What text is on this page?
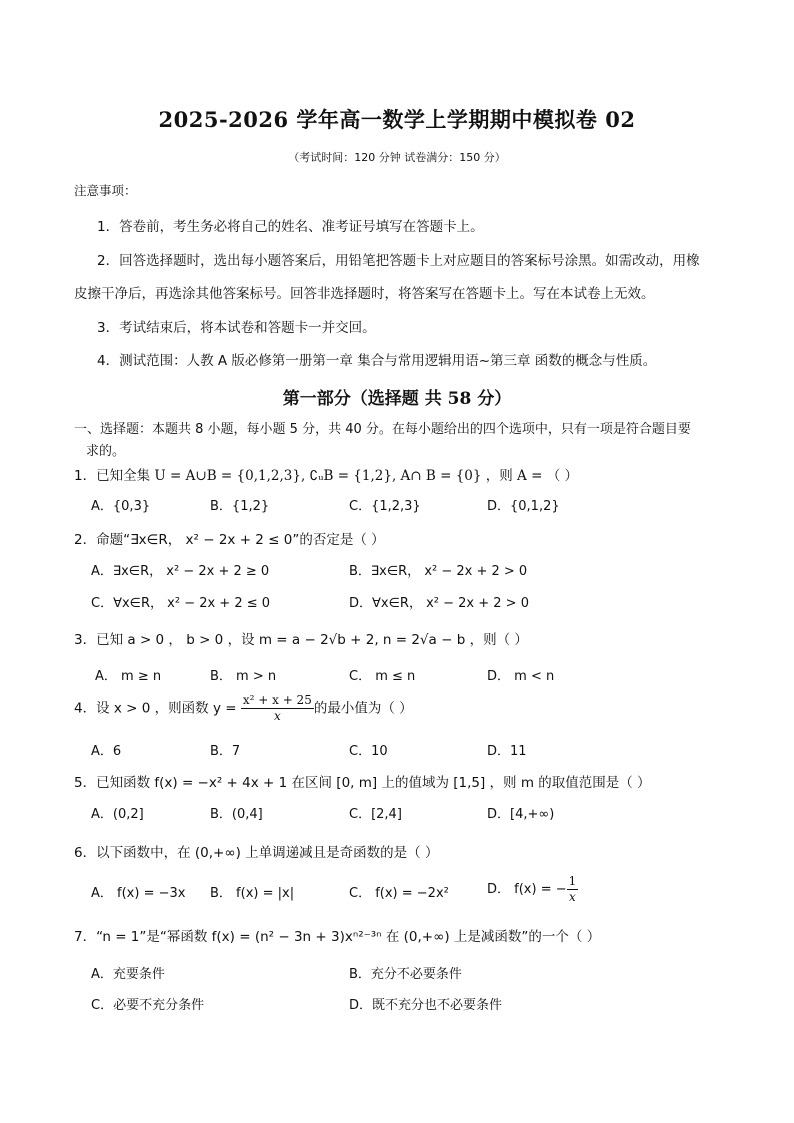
2025-2026 学年高一数学上学期期中模拟卷 02
（考试时间：120 分钟 试卷满分：150 分）
注意事项：
1．答卷前，考生务必将自己的姓名、准考证号填写在答题卡上。
2．回答选择题时，选出每小题答案后，用铅笔把答题卡上对应题目的答案标号涂黑。如需改动，用橡
皮擦干净后，再选涂其他答案标号。回答非选择题时，将答案写在答题卡上。写在本试卷上无效。
3．考试结束后，将本试卷和答题卡一并交回。
4．测试范围：人教 A 版必修第一册第一章 集合与常用逻辑用语~第三章 函数的概念与性质。
第一部分（选择题 共 58 分）
一、选择题：本题共 8 小题，每小题 5 分，共 40 分。在每小题给出的四个选项中，只有一项是符合题目要
求的。
1．已知全集 U = A∪B = {0,1,2,3}, ∁ᵤB = {1,2}, A∩ B = {0} ，则 A = （ ）
A．{0,3}	B．{1,2}	C．{1,2,3}	D．{0,1,2}
2．命题“∃x∈R， x² − 2x + 2 ≤ 0”的否定是（ ）
A．∃x∈R， x² − 2x + 2 ≥ 0	B．∃x∈R， x² − 2x + 2 > 0
C．∀x∈R， x² − 2x + 2 ≤ 0	D．∀x∈R， x² − 2x + 2 > 0
3．已知 a > 0 ， b > 0 ，设 m = a − 2√b + 2, n = 2√a − b ，则（ ）
A． m ≥ n	B． m > n	C． m ≤ n	D． m < n
4．设 x > 0 ，则函数 $y = \frac{\text{x² + x + 25}}{x}$ 的最小值为（ ）
A．6	B．7	C．10	D．11
5．已知函数 f(x) = −x² + 4x + 1 在区间 [0, m] 上的值域为 [1,5] ，则 m 的取值范围是（ ）
A．(0,2]	B．(0,4]	C．[2,4]	D．[4,+∞)
6．以下函数中，在 (0,+∞) 上单调递减且是奇函数的是（ ）
A． f(x) = −3x B． f(x) = |x|	C． f(x) = −2x²	D． f(x) = − $\frac{1}{x}$
7．“n = 1”是“幂函数 f(x) = (n² − 3n + 3)xⁿ²⁻³ⁿ 在 (0,+∞) 上是减函数”的一个（ ）
A．充要条件	B．充分不必要条件
C．必要不充分条件	D．既不充分也不必要条件
